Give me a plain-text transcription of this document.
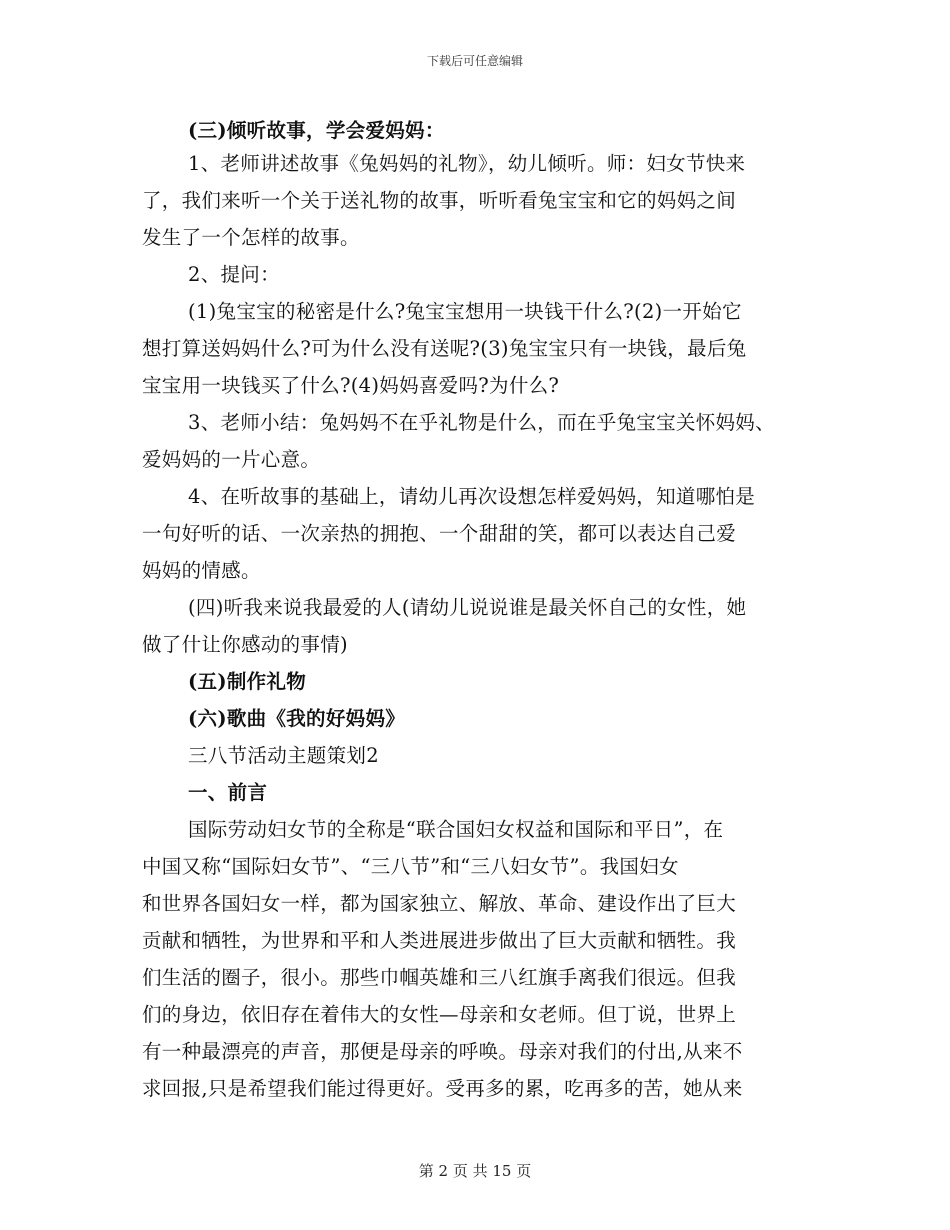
下载后可任意编辑
(三)倾听故事，学会爱妈妈：
1、老师讲述故事《兔妈妈的礼物》，幼儿倾听。师：妇女节快来
了，我们来听一个关于送礼物的故事，听听看兔宝宝和它的妈妈之间
发生了一个怎样的故事。
2、提问：
(1)兔宝宝的秘密是什么?兔宝宝想用一块钱干什么?(2)一开始它
想打算送妈妈什么?可为什么没有送呢?(3)兔宝宝只有一块钱，最后兔
宝宝用一块钱买了什么?(4)妈妈喜爱吗?为什么?
3、老师小结：兔妈妈不在乎礼物是什么，而在乎兔宝宝关怀妈妈、
爱妈妈的一片心意。
4、在听故事的基础上，请幼儿再次设想怎样爱妈妈，知道哪怕是
一句好听的话、一次亲热的拥抱、一个甜甜的笑，都可以表达自己爱
妈妈的情感。
(四)听我来说我最爱的人(请幼儿说说谁是最关怀自己的女性，她
做了什让你感动的事情)
(五)制作礼物
(六)歌曲《我的好妈妈》
三八节活动主题策划2
一、前言
国际劳动妇女节的全称是“联合国妇女权益和国际和平日”，在
中国又称“国际妇女节”、“三八节”和“三八妇女节”。我国妇女
和世界各国妇女一样，都为国家独立、解放、革命、建设作出了巨大
贡献和牺牲，为世界和平和人类进展进步做出了巨大贡献和牺牲。我
们生活的圈子，很小。那些巾帼英雄和三八红旗手离我们很远。但我
们的身边，依旧存在着伟大的女性—母亲和女老师。但丁说，世界上
有一种最漂亮的声音，那便是母亲的呼唤。母亲对我们的付出,从来不
求回报,只是希望我们能过得更好。受再多的累，吃再多的苦，她从来
第 2 页 共 15 页
